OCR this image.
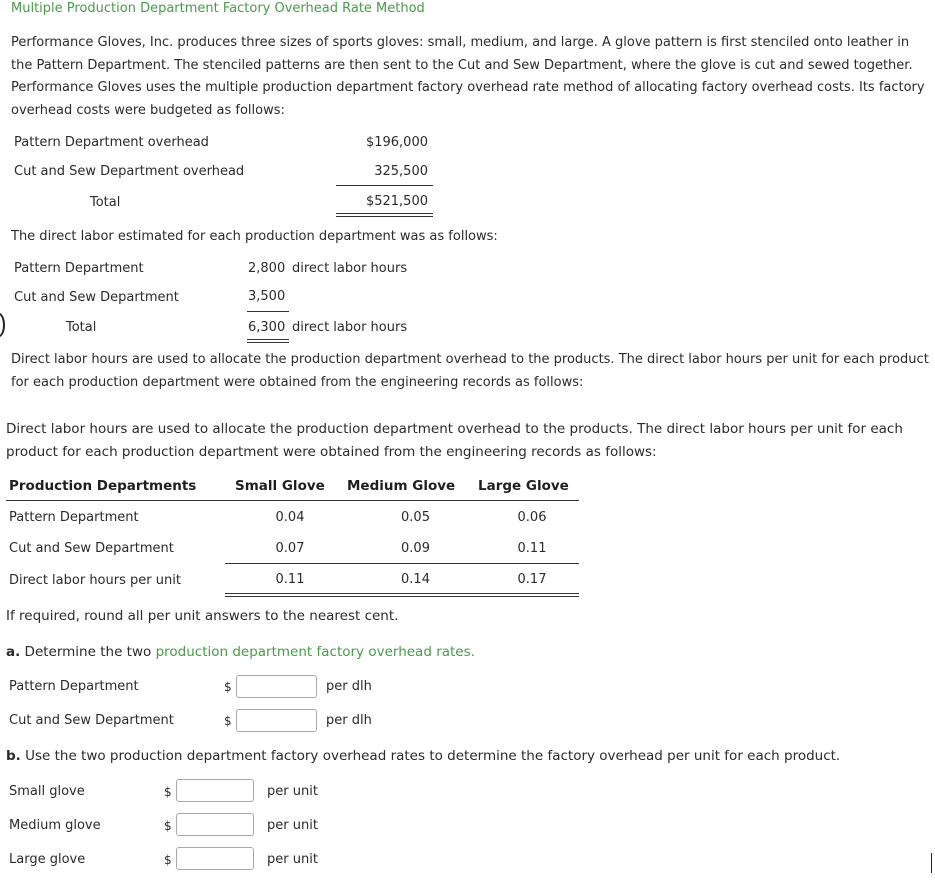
Multiple Production Department Factory Overhead Rate Method

Performance Gloves, Inc. produces three sizes of sports gloves: small, medium, and large. A glove pattern is first stenciled onto leather in the Pattern Department. The stenciled patterns are then sent to the Cut and Sew Department, where the glove is cut and sewed together. Performance Gloves uses the multiple production department factory overhead rate method of allocating factory overhead costs. Its factory overhead costs were budgeted as follows:

Pattern Department overhead	$196,000
Cut and Sew Department overhead	325,500
Total	$521,500
The direct labor estimated for each production department was as follows:
Pattern Department	2,800 direct labor hours
Cut and Sew Department	3,500
Total	6,300 direct labor hours

Direct labor hours are used to allocate the production department overhead to the products. The direct labor hours per unit for each product for each production department were obtained from the engineering records as follows:

Direct labor hours are used to allocate the production department overhead to the products. The direct labor hours per unit for each product for each production department were obtained from the engineering records as follows:

Production Departments	Small Glove Medium Glove Large Glove
Pattern Department	0.04	0.05	0.06
Cut and Sew Department	0.07	0.09	0.11
Direct labor hours per unit	0.11	0.14	0.17
If required, round all per unit answers to the nearest cent.
a. Determine the two production department factory overhead rates.
Pattern Department	$	per dlh
Cut and Sew Department	$	per dlh
b. Use the two production department factory overhead rates to determine the factory overhead per unit for each product.
Small glove	$	per unit
Medium glove	$	per unit
Large glove	$	per unit
